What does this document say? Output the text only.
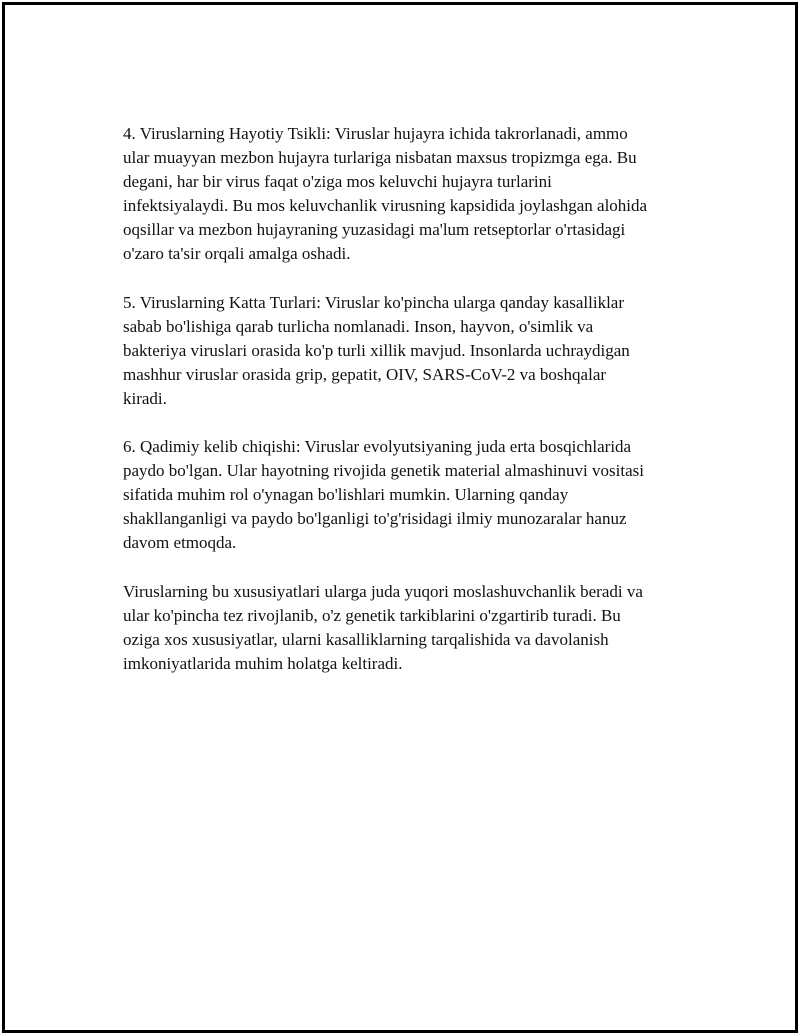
4. Viruslarning Hayotiy Tsikli: Viruslar hujayra ichida takrorlanadi, ammo
ular muayyan mezbon hujayra turlariga nisbatan maxsus tropizmga ega. Bu
degani, har bir virus faqat o'ziga mos keluvchi hujayra turlarini
infektsiyalaydi. Bu mos keluvchanlik virusning kapsidida joylashgan alohida
oqsillar va mezbon hujayraning yuzasidagi ma'lum retseptorlar o'rtasidagi
o'zaro ta'sir orqali amalga oshadi.

5. Viruslarning Katta Turlari: Viruslar ko'pincha ularga qanday kasalliklar
sabab bo'lishiga qarab turlicha nomlanadi. Inson, hayvon, o'simlik va
bakteriya viruslari orasida ko'p turli xillik mavjud. Insonlarda uchraydigan
mashhur viruslar orasida grip, gepatit, OIV, SARS-CoV-2 va boshqalar
kiradi.

6. Qadimiy kelib chiqishi: Viruslar evolyutsiyaning juda erta bosqichlarida
paydo bo'lgan. Ular hayotning rivojida genetik material almashinuvi vositasi
sifatida muhim rol o'ynagan bo'lishlari mumkin. Ularning qanday
shakllanganligi va paydo bo'lganligi to'g'risidagi ilmiy munozaralar hanuz
davom etmoqda.

Viruslarning bu xususiyatlari ularga juda yuqori moslashuvchanlik beradi va
ular ko'pincha tez rivojlanib, o'z genetik tarkiblarini o'zgartirib turadi. Bu
oziga xos xususiyatlar, ularni kasalliklarning tarqalishida va davolanish
imkoniyatlarida muhim holatga keltiradi.
